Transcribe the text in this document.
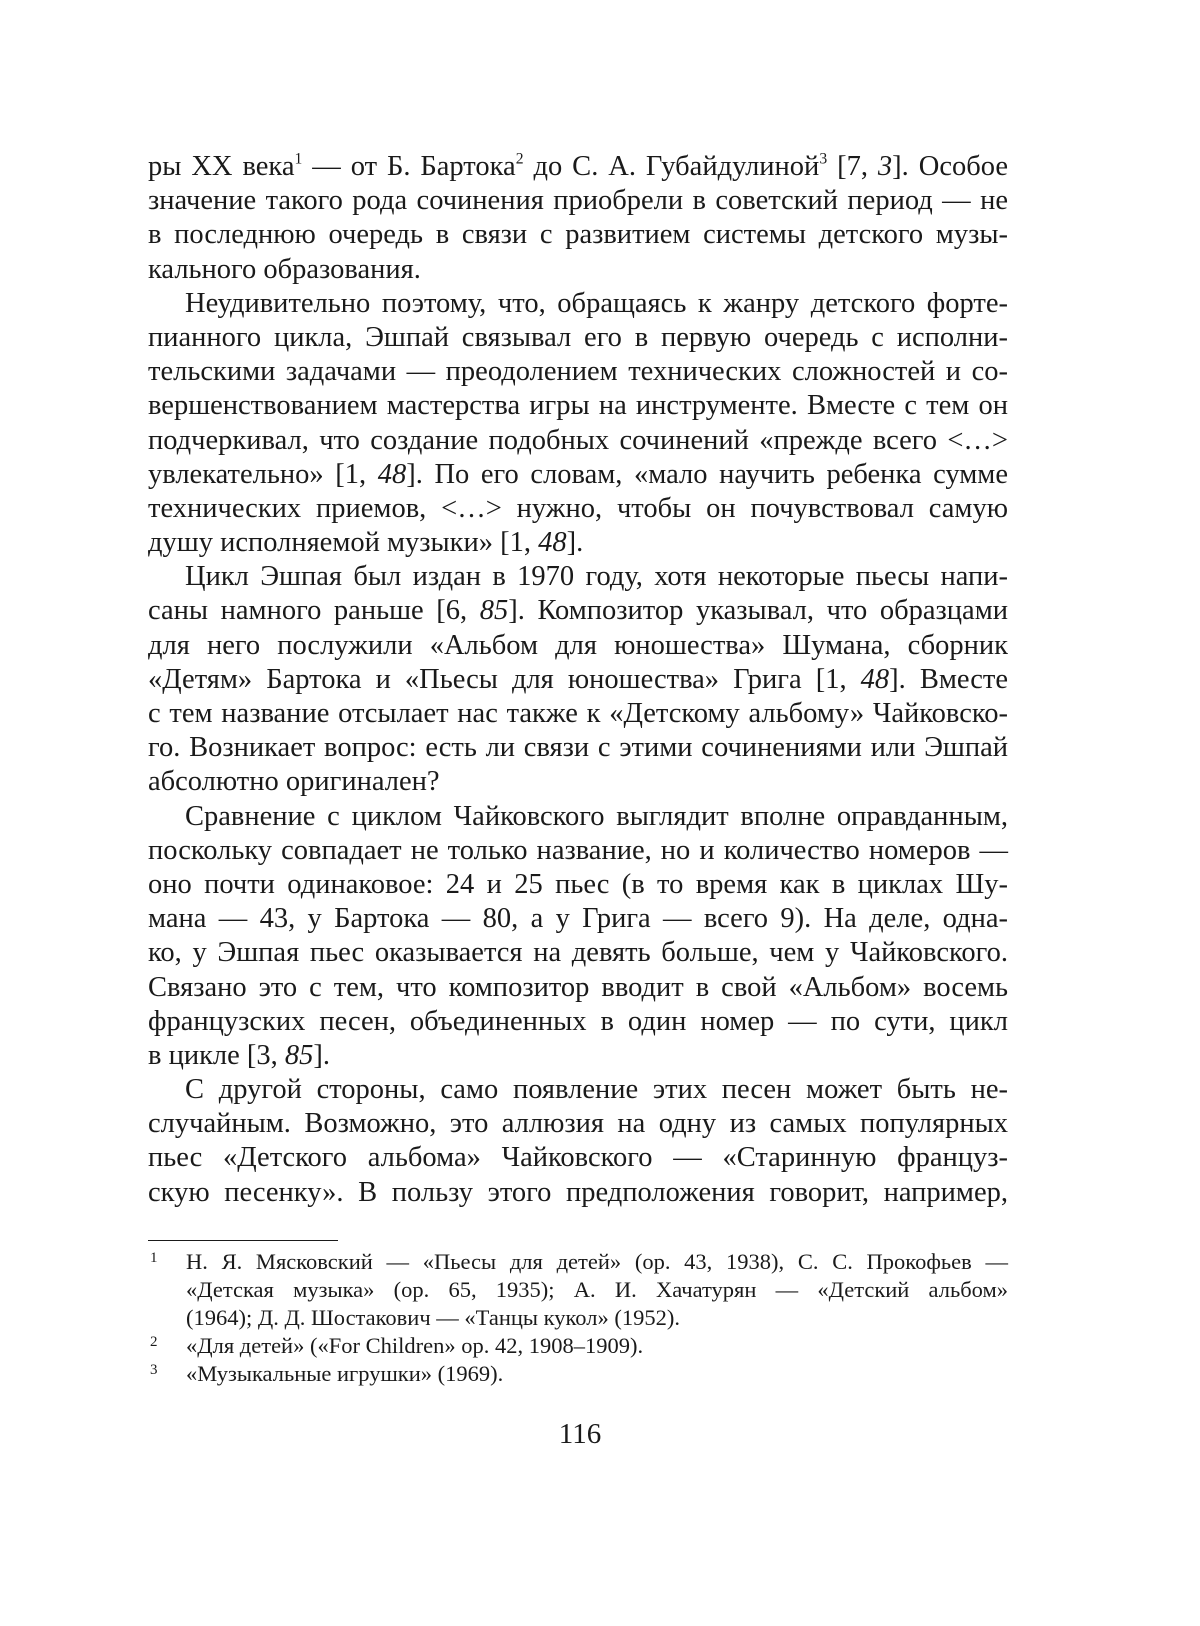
ры XX века$^1$ — от Б. Бартока$^2$ до С. А. Губайдулиной$^3$ [7, 3]. Особое
значение такого рода сочинения приобрели в советский период — не
в последнюю очередь в связи с развитием системы детского музы-
кального образования.
Неудивительно поэтому, что, обращаясь к жанру детского форте-
пианного цикла, Эшпай связывал его в первую очередь с исполни-
тельскими задачами — преодолением технических сложностей и со-
вершенствованием мастерства игры на инструменте. Вместе с тем он
подчеркивал, что создание подобных сочинений «прежде всего <…>
увлекательно» [1, 48]. По его словам, «мало научить ребенка сумме
технических приемов, <…> нужно, чтобы он почувствовал самую
душу исполняемой музыки» [1, 48].
Цикл Эшпая был издан в 1970 году, хотя некоторые пьесы напи-
саны намного раньше [6, 85]. Композитор указывал, что образцами
для него послужили «Альбом для юношества» Шумана, сборник
«Детям» Бартока и «Пьесы для юношества» Грига [1, 48]. Вместе
с тем название отсылает нас также к «Детскому альбому» Чайковско-
го. Возникает вопрос: есть ли связи с этими сочинениями или Эшпай
абсолютно оригинален?
Сравнение с циклом Чайковского выглядит вполне оправданным,
поскольку совпадает не только название, но и количество номеров —
оно почти одинаковое: 24 и 25 пьес (в то время как в циклах Шу-
мана — 43, у Бартока — 80, а у Грига — всего 9). На деле, одна-
ко, у Эшпая пьес оказывается на девять больше, чем у Чайковского.
Связано это с тем, что композитор вводит в свой «Альбом» восемь
французских песен, объединенных в один номер — по сути, цикл
в цикле [3, 85].
С другой стороны, само появление этих песен может быть не-
случайным. Возможно, это аллюзия на одну из самых популярных
пьес «Детского альбома» Чайковского — «Старинную француз-
скую песенку». В пользу этого предположения говорит, например,
1 Н. Я. Мясковский — «Пьесы для детей» (ор. 43, 1938), С. С. Прокофьев —
«Детская музыка» (ор. 65, 1935); А. И. Хачатурян — «Детский альбом»
(1964); Д. Д. Шостакович — «Танцы кукол» (1952).
2 «Для детей» («For Children» ор. 42, 1908–1909).
3 «Музыкальные игрушки» (1969).
116
